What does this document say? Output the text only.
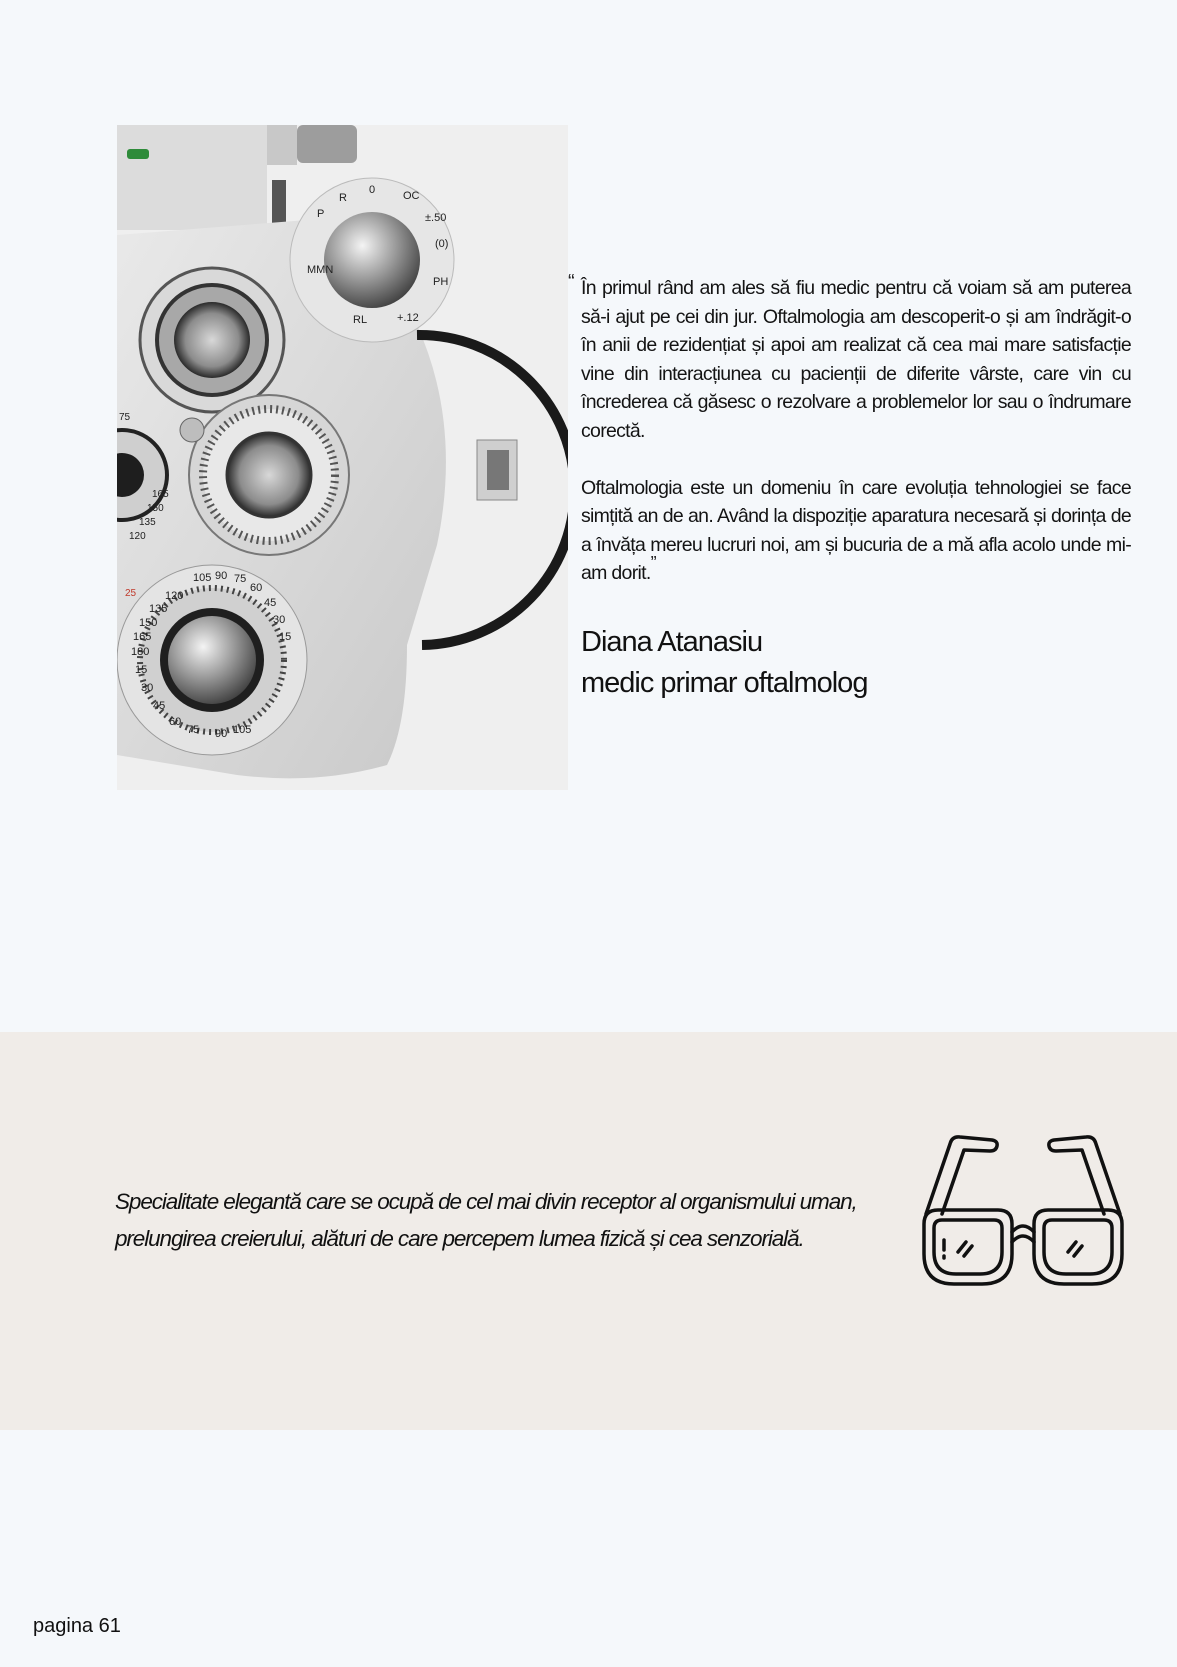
0
R
P
OC
±.50
(0)
PH
+.12
RL
MMN
75
165
150
135
120
25
105 90 75
60
45
30
15
120
135
150
165
180
15
30
45
60
75 90 105
“ În primul rând am ales să fiu medic pentru că voiam să am puterea să-i ajut pe cei din jur. Oftalmologia am descoperit-o și am îndrăgit-o în anii de rezidențiat și apoi am realizat că cea mai mare satisfacție vine din interacțiunea cu pacienții de diferite vârste, care vin cu încrederea că găsesc o rezolvare a problemelor lor sau o îndrumare corectă.

Oftalmologia este un domeniu în care evoluția tehnologiei se face simțită an de an. Având la dispoziție aparatura necesară și dorința de a învăța mereu lucruri noi, am și bucuria de a mă afla acolo unde mi-am dorit.”

Diana Atanasiu
medic primar oftalmolog
Specialitate elegantă care se ocupă de cel mai divin receptor al organismului uman,
prelungirea creierului, alături de care percepem lumea fizică și cea senzorială.
pagina 61
